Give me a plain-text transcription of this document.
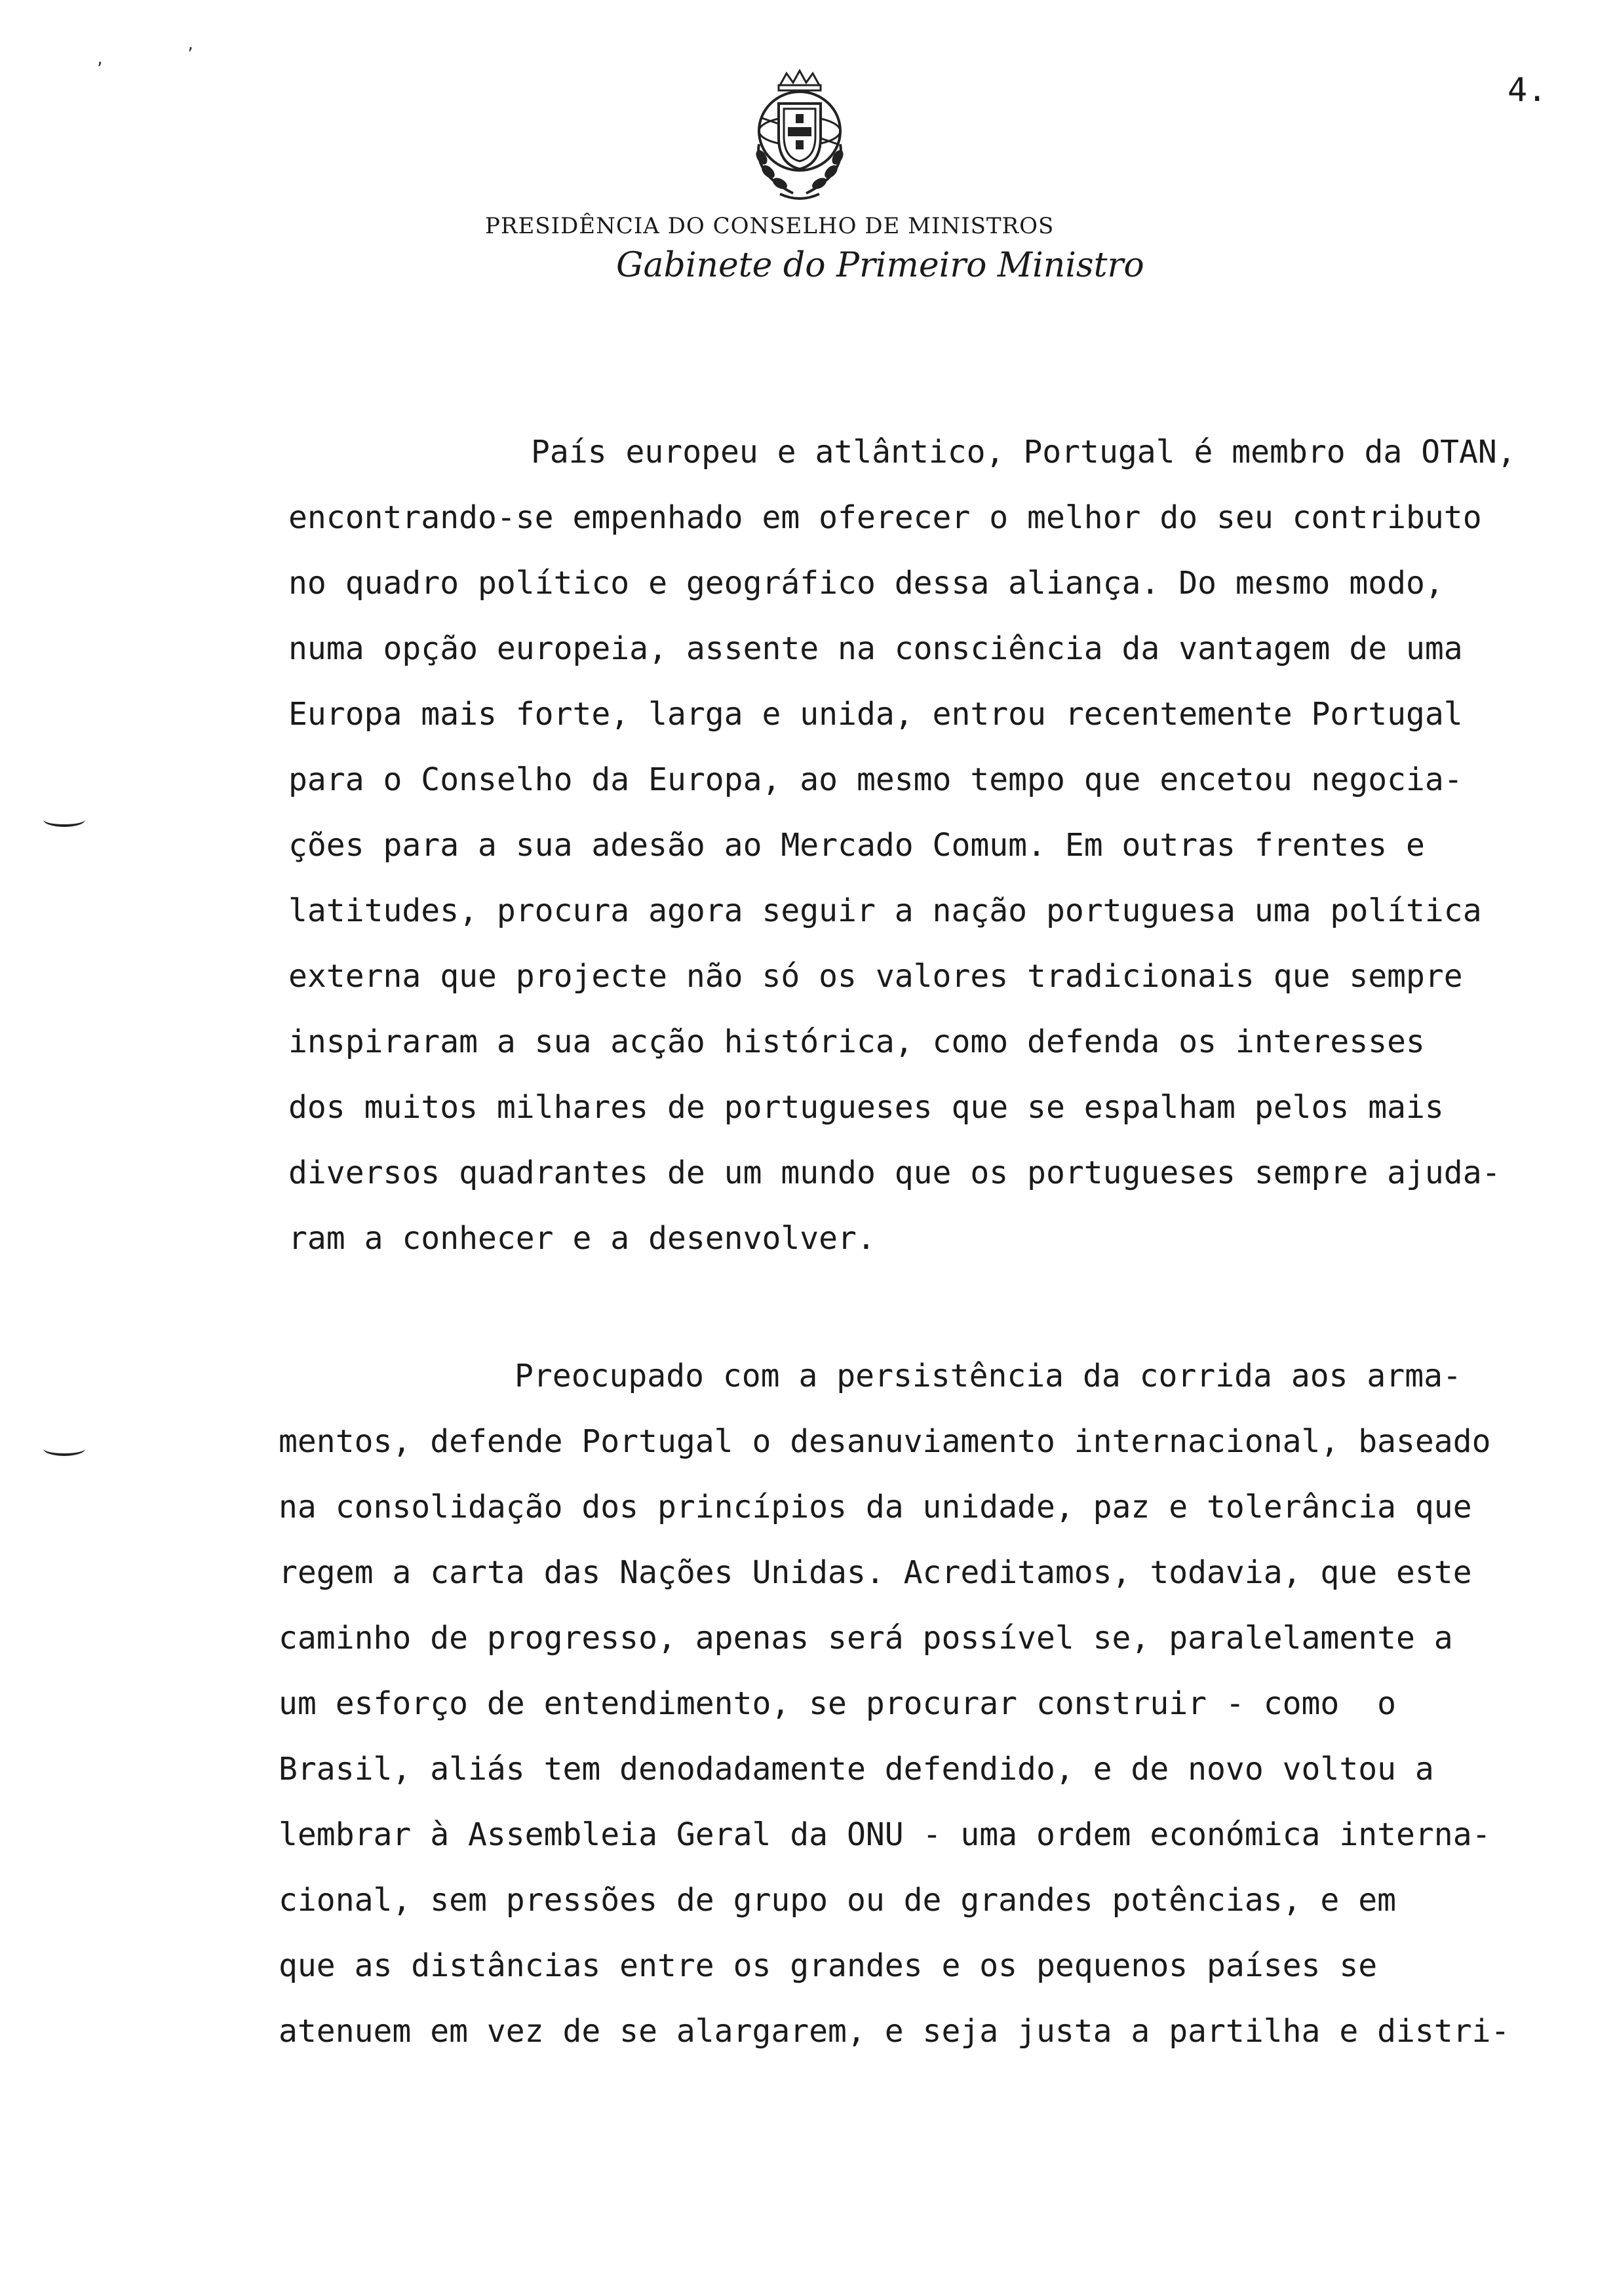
,	’
4.
PRESIDÊNCIA DO CONSELHO DE MINISTROS
Gabinete do Primeiro Ministro
País europeu e atlântico, Portugal é membro da OTAN,
encontrando-se empenhado em oferecer o melhor do seu contributo
no quadro político e geográfico dessa aliança. Do mesmo modo,
numa opção europeia, assente na consciência da vantagem de uma
Europa mais forte, larga e unida, entrou recentemente Portugal
para o Conselho da Europa, ao mesmo tempo que encetou negocia-
ções para a sua adesão ao Mercado Comum. Em outras frentes e
latitudes, procura agora seguir a nação portuguesa uma política
externa que projecte não só os valores tradicionais que sempre
inspiraram a sua acção histórica, como defenda os interesses
dos muitos milhares de portugueses que se espalham pelos mais
diversos quadrantes de um mundo que os portugueses sempre ajuda-
ram a conhecer e a desenvolver.
Preocupado com a persistência da corrida aos arma-
mentos, defende Portugal o desanuviamento internacional, baseado
na consolidação dos princípios da unidade, paz e tolerância que
regem a carta das Nações Unidas. Acreditamos, todavia, que este
caminho de progresso, apenas será possível se, paralelamente a
um esforço de entendimento, se procurar construir - como  o
Brasil, aliás tem denodadamente defendido, e de novo voltou a
lembrar à Assembleia Geral da ONU - uma ordem económica interna-
cional, sem pressões de grupo ou de grandes potências, e em
que as distâncias entre os grandes e os pequenos países se
atenuem em vez de se alargarem, e seja justa a partilha e distri-
